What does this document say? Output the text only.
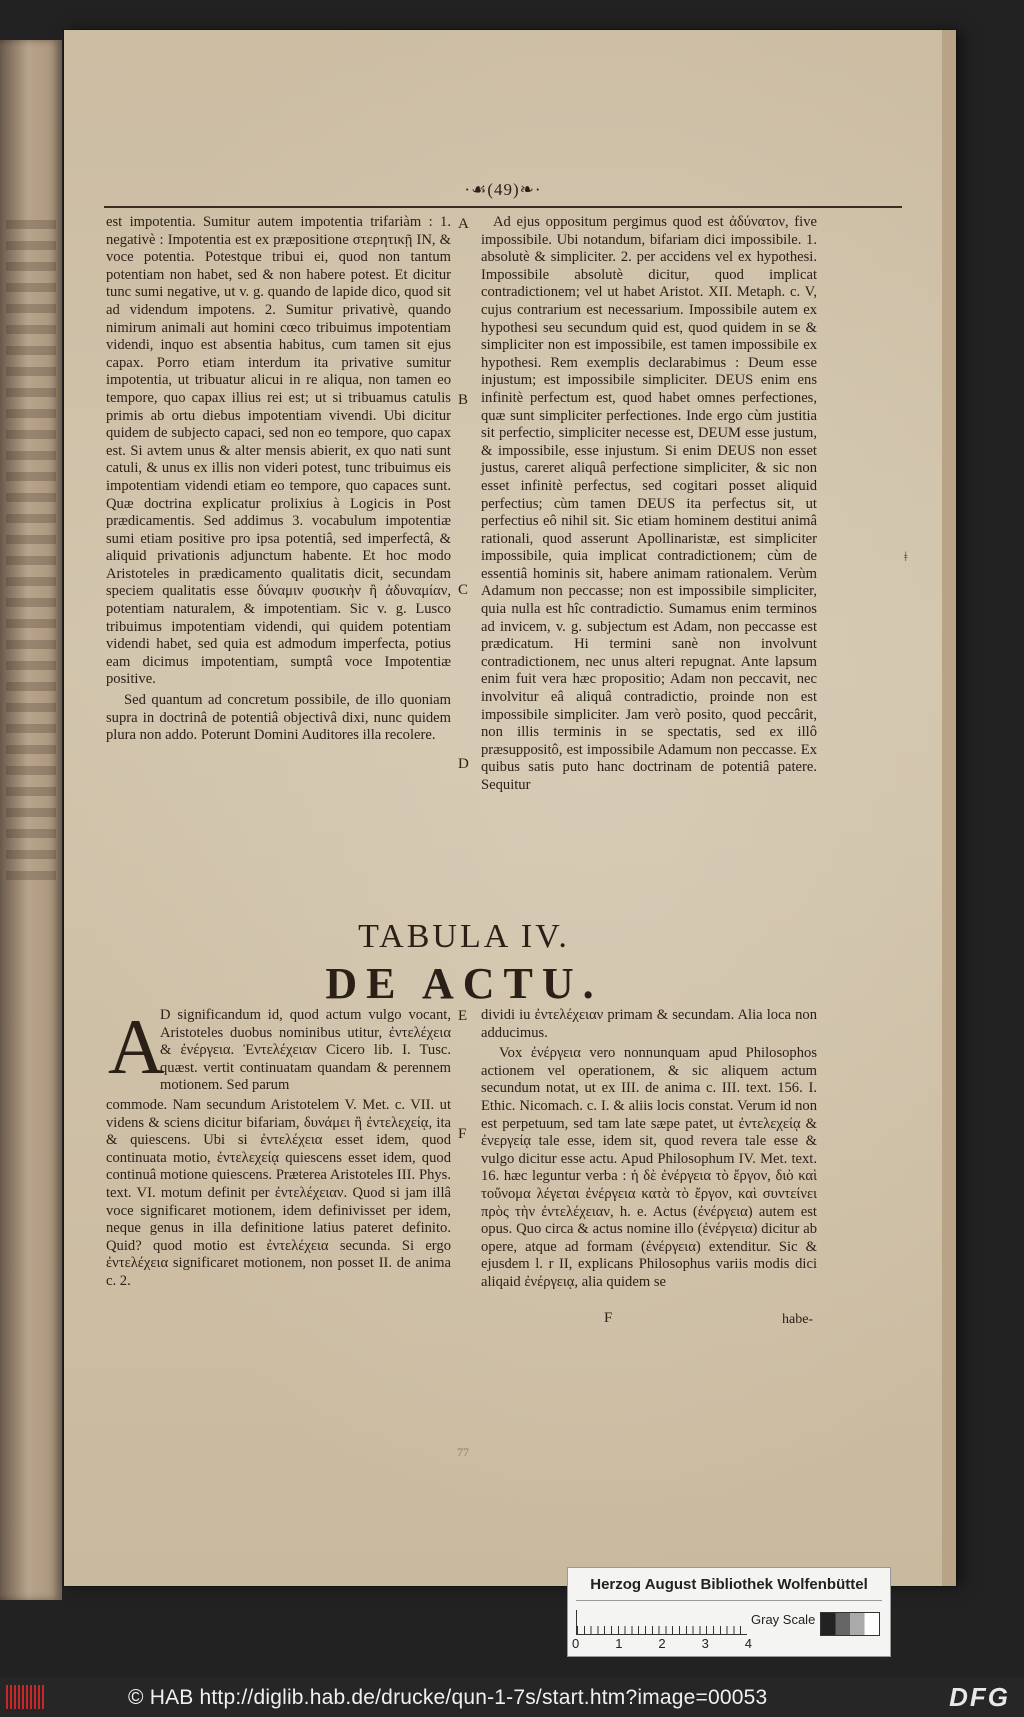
·☙(49)❧·

est impotentia. Sumitur autem impotentia trifariàm : 1. negativè : Impotentia est ex præpositione στερητικῇ IN, & voce potentia. Potestque tribui ei, quod non tantum potentiam non habet, sed & non habere potest. Et dicitur tunc sumi negative, ut v. g. quando de lapide dico, quod sit ad videndum impotens. 2. Sumitur privativè, quando nimirum animali aut homini cœco tribuimus impotentiam videndi, inquo est absentia habitus, cum tamen sit ejus capax. Porro etiam interdum ita privative sumitur impotentia, ut tribuatur alicui in re aliqua, non tamen eo tempore, quo capax illius rei est; ut si tribuamus catulis primis ab ortu diebus impotentiam vivendi. Ubi dicitur quidem de subjecto capaci, sed non eo tempore, quo capax est. Si avtem unus & alter mensis abierit, ex quo nati sunt catuli, & unus ex illis non videri potest, tunc tribuimus eis impotentiam videndi etiam eo tempore, quo capaces sunt. Quæ doctrina explicatur prolixius à Logicis in Post prædicamentis. Sed addimus 3. vocabulum impotentiæ sumi etiam positive pro ipsa potentiâ, sed imperfectâ, & aliquid privationis adjunctum habente. Et hoc modo Aristoteles in prædicamento qualitatis dicit, secundam speciem qualitatis esse δύναμιν φυσικὴν ἢ ἀδυναμίαν, potentiam naturalem, & impotentiam. Sic v. g. Lusco tribuimus impotentiam videndi, qui quidem potentiam videndi habet, sed quia est admodum imperfecta, potius eam dicimus impotentiam, sumptâ voce Impotentiæ positive.

Sed quantum ad concretum possibile, de illo quoniam supra in doctrinâ de potentiâ objectivâ dixi, nunc quidem plura non addo. Poterunt Domini Auditores illa recolere.

A
B
C
D
E
F

Ad ejus oppositum pergimus quod est ἀδύνατον, five impossibile. Ubi notandum, bifariam dici impossibile. 1. absolutè & simpliciter. 2. per accidens vel ex hypothesi. Impossibile absolutè dicitur, quod implicat contradictionem; vel ut habet Aristot. XII. Metaph. c. V, cujus contrarium est necessarium. Impossibile autem ex hypothesi seu secundum quid est, quod quidem in se & simpliciter non est impossibile, est tamen impossibile ex hypothesi. Rem exemplis declarabimus : Deum esse injustum; est impossibile simpliciter. DEUS enim ens infinitè perfectum est, quod habet omnes perfectiones, quæ sunt simpliciter perfectiones. Inde ergo cùm justitia sit perfectio, simpliciter necesse est, DEUM esse justum, & impossibile, esse injustum. Si enim DEUS non esset justus, careret aliquâ perfectione simpliciter, & sic non esset infinitè perfectus, sed cogitari posset aliquid perfectius; cùm tamen DEUS ita perfectus sit, ut perfectius eô nihil sit. Sic etiam hominem destitui animâ rationali, quod asserunt Apollinaristæ, est simpliciter impossibile, quia implicat contradictionem; cùm de essentiâ hominis sit, habere animam rationalem. Verùm Adamum non peccasse; non est impossibile simpliciter, quia nulla est hîc contradictio. Sumamus enim terminos ad invicem, v. g. subjectum est Adam, non peccasse est prædicatum. Hi termini sanè non involvunt contradictionem, nec unus alteri repugnat. Ante lapsum enim fuit vera hæc propositio; Adam non peccavit, nec involvitur eâ aliquâ contradictio, proinde non est impossibile simpliciter. Jam verò posito, quod peccârit, non illis terminis in se spectatis, sed ex illô præsuppositô, est impossibile Adamum non peccasse. Ex quibus satis puto hanc doctrinam de potentiâ patere. Sequitur

ǂ
TABULA IV.
DE ACTU.
A

D significandum id, quod actum vulgo vocant, Aristoteles duobus nominibus utitur, ἐντελέχεια & ἐνέργεια. Ἐντελέχειαν Cicero lib. I. Tusc. quæst. vertit continuatam quandam & perennem motionem. Sed parum

commode. Nam secundum Aristotelem V. Met. c. VII. ut videns & sciens dicitur bifariam, δυνάμει ἢ ἐντελεχείᾳ, ita & quiescens. Ubi si ἐντελέχεια esset idem, quod continuata motio, ἐντελεχείᾳ quiescens esset idem, quod continuâ motione quiescens. Præterea Aristoteles III. Phys. text. VI. motum definit per ἐντελέχειαν. Quod si jam illâ voce significaret motionem, idem definivisset per idem, neque genus in illa definitione latius pateret definito. Quid? quod motio est ἐντελέχεια secunda. Si ergo ἐντελέχεια significaret motionem, non posset II. de anima c. 2.

dividi iu ἐντελέχειαν primam & secundam. Alia loca non adducimus.

Vox ἐνέργεια vero nonnunquam apud Philosophos actionem vel operationem, & sic aliquem actum secundum notat, ut ex III. de anima c. III. text. 156. I. Ethic. Nicomach. c. I. & aliis locis constat. Verum id non est perpetuum, sed tam late sæpe patet, ut ἐντελεχείᾳ & ἐνεργείᾳ tale esse, idem sit, quod revera tale esse & vulgo dicitur esse actu. Apud Philosophum IV. Met. text. 16. hæc leguntur verba : ἡ δὲ ἐνέργεια τὸ ἔργον, διὸ καὶ τοὔνομα λέγεται ἐνέργεια κατὰ τὸ ἔργον, καὶ συντείνει πρὸς τὴν ἐντελέχειαν, h. e. Actus (ἐνέργεια) autem est opus. Quo circa & actus nomine illo (ἐνέργεια) dicitur ab opere, atque ad formam (ἐνέργεια) extenditur. Sic & ejusdem l. r II, explicans Philosophus variis modis dici aliqaid ἐνέργειᾳ, alia quidem se

F	habe-
77
Herzog August Bibliothek Wolfenbüttel
0	1	2	3	4
Gray Scale
© HAB http://diglib.hab.de/drucke/qun-1-7s/start.htm?image=00053	DFG
